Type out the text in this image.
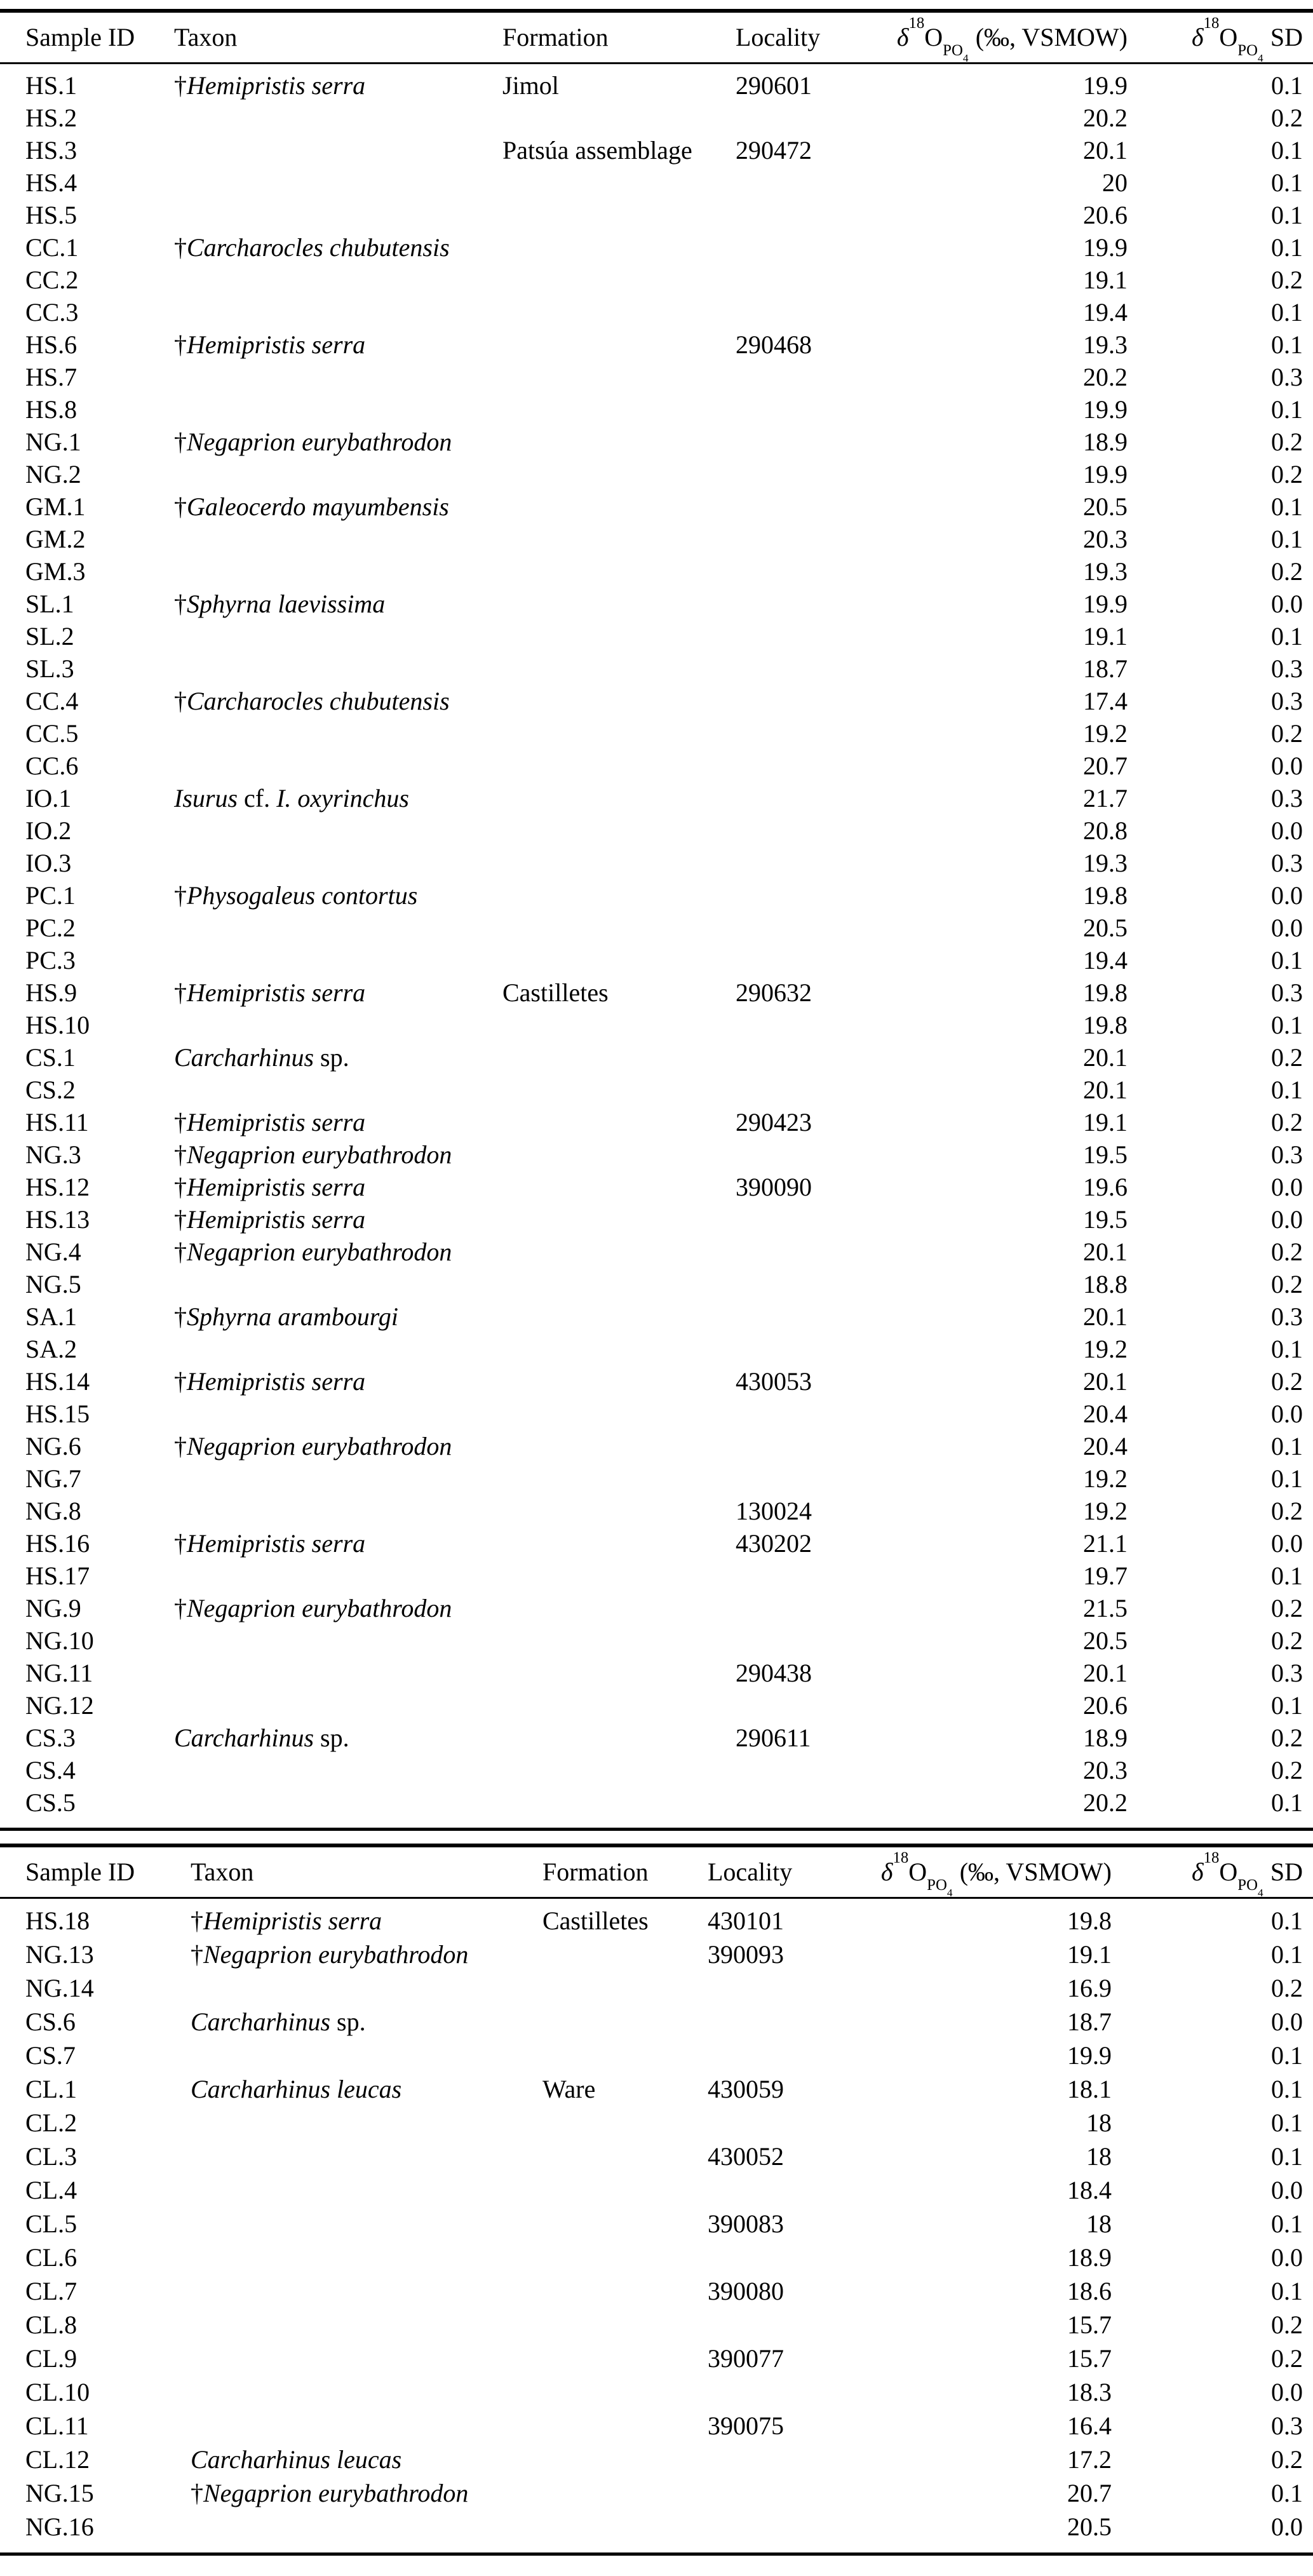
Sample ID	Taxon	Formation	Locality	$\delta^{18}O_{PO_4}(‰$, VSMOW)	$\delta^{18}O_{PO_4}SD$
HS.1	†Hemipristis serra	Jimol	290601	19.9	0.1
HS.2				20.2	0.2
HS.3		Patsúa assemblage	290472	20.1	0.1
HS.4				20	0.1
HS.5				20.6	0.1
CC.1	†Carcharocles chubutensis			19.9	0.1
CC.2				19.1	0.2
CC.3				19.4	0.1
HS.6	†Hemipristis serra		290468	19.3	0.1
HS.7				20.2	0.3
HS.8				19.9	0.1
NG.1	†Negaprion eurybathrodon			18.9	0.2
NG.2				19.9	0.2
GM.1	†Galeocerdo mayumbensis			20.5	0.1
GM.2				20.3	0.1
GM.3				19.3	0.2
SL.1	†Sphyrna laevissima			19.9	0.0
SL.2				19.1	0.1
SL.3				18.7	0.3
CC.4	†Carcharocles chubutensis			17.4	0.3
CC.5				19.2	0.2
CC.6				20.7	0.0
IO.1	Isurus cf. I. oxyrinchus			21.7	0.3
IO.2				20.8	0.0
IO.3				19.3	0.3
PC.1	†Physogaleus contortus			19.8	0.0
PC.2				20.5	0.0
PC.3				19.4	0.1
HS.9	†Hemipristis serra	Castilletes	290632	19.8	0.3
HS.10				19.8	0.1
CS.1	Carcharhinus sp.			20.1	0.2
CS.2				20.1	0.1
HS.11	†Hemipristis serra		290423	19.1	0.2
NG.3	†Negaprion eurybathrodon			19.5	0.3
HS.12	†Hemipristis serra		390090	19.6	0.0
HS.13	†Hemipristis serra			19.5	0.0
NG.4	†Negaprion eurybathrodon			20.1	0.2
NG.5				18.8	0.2
SA.1	†Sphyrna arambourgi			20.1	0.3
SA.2				19.2	0.1
HS.14	†Hemipristis serra		430053	20.1	0.2
HS.15				20.4	0.0
NG.6	†Negaprion eurybathrodon			20.4	0.1
NG.7				19.2	0.1
NG.8			130024	19.2	0.2
HS.16	†Hemipristis serra		430202	21.1	0.0
HS.17				19.7	0.1
NG.9	†Negaprion eurybathrodon			21.5	0.2
NG.10				20.5	0.2
NG.11			290438	20.1	0.3
NG.12				20.6	0.1
CS.3	Carcharhinus sp.		290611	18.9	0.2
CS.4				20.3	0.2
CS.5				20.2	0.1
Sample ID	Taxon	Formation	Locality	$\delta^{18}O_{PO_4}(‰$, VSMOW)	$\delta^{18}O_{PO_4}SD$
HS.18	†Hemipristis serra	Castilletes	430101	19.8	0.1
NG.13	†Negaprion eurybathrodon		390093	19.1	0.1
NG.14				16.9	0.2
CS.6	Carcharhinus sp.			18.7	0.0
CS.7				19.9	0.1
CL.1	Carcharhinus leucas	Ware	430059	18.1	0.1
CL.2				18	0.1
CL.3			430052	18	0.1
CL.4				18.4	0.0
CL.5			390083	18	0.1
CL.6				18.9	0.0
CL.7			390080	18.6	0.1
CL.8				15.7	0.2
CL.9			390077	15.7	0.2
CL.10				18.3	0.0
CL.11			390075	16.4	0.3
CL.12	Carcharhinus leucas			17.2	0.2
NG.15	†Negaprion eurybathrodon			20.7	0.1
NG.16				20.5	0.0
